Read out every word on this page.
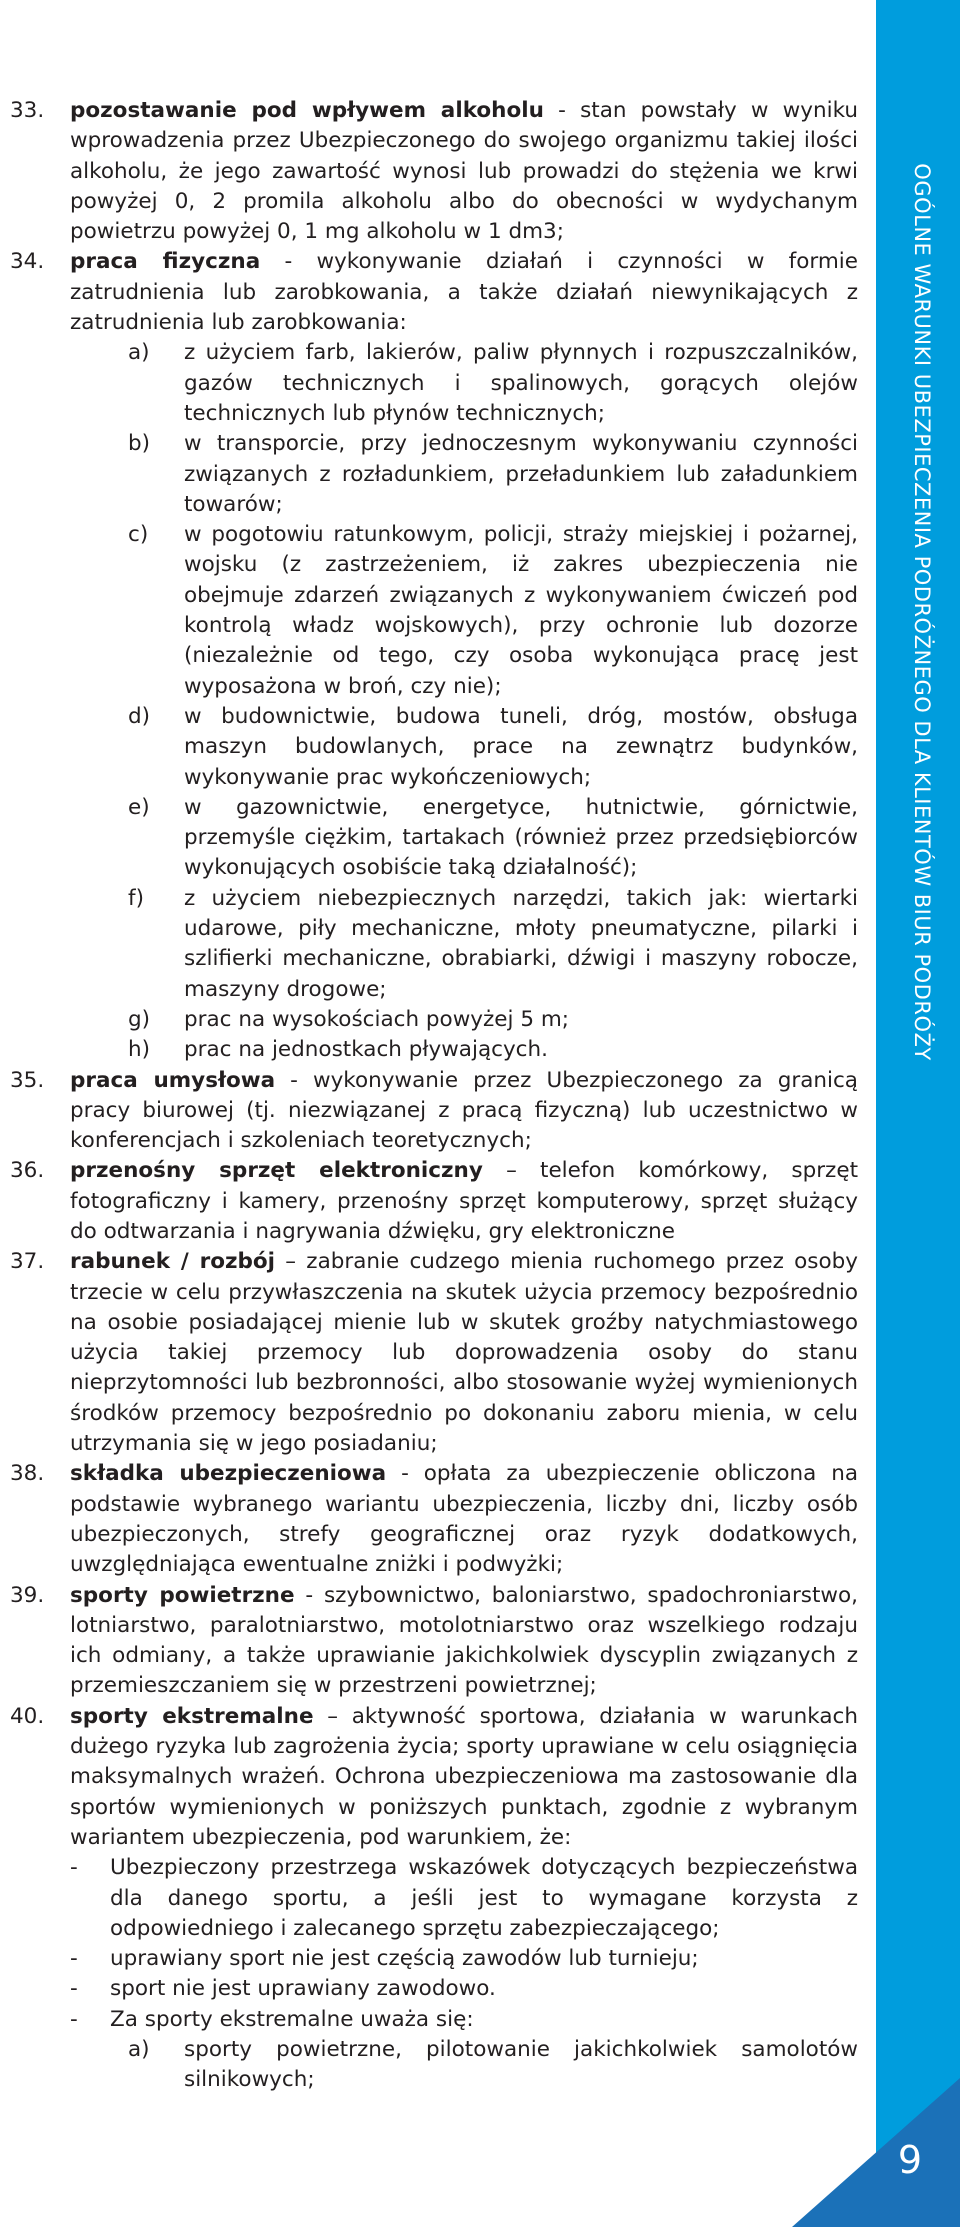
OGÓLNE WARUNKI UBEZPIECZENIA PODRÓŻNEGO DLA KLIENTÓW BIUR PODRÓŻY
9
33. pozostawanie pod wpływem alkoholu - stan powstały w wyniku wprowadzenia przez Ubezpieczonego do swojego organizmu takiej ilości alkoholu, że jego zawartość wynosi lub prowadzi do stężenia we krwi powyżej 0, 2 promila alkoholu albo do obecności w wydychanym powietrzu powyżej 0, 1 mg alkoholu w 1 dm3;
34. praca fizyczna - wykonywanie działań i czynności w formie zatrudnienia lub zarobkowania, a także działań niewynikających z zatrudnienia lub zarobkowania:
a) z użyciem farb, lakierów, paliw płynnych i rozpuszczalników, gazów technicznych i spalinowych, gorących olejów technicznych lub płynów technicznych;
b) w transporcie, przy jednoczesnym wykonywaniu czynności związanych z rozładunkiem, przeładunkiem lub załadunkiem towarów;
c) w pogotowiu ratunkowym, policji, straży miejskiej i pożarnej, wojsku (z zastrzeżeniem, iż zakres ubezpieczenia nie obejmuje zdarzeń związanych z wykonywaniem ćwiczeń pod kontrolą władz wojskowych), przy ochronie lub dozorze (niezależnie od tego, czy osoba wykonująca pracę jest wyposażona w broń, czy nie);
d) w budownictwie, budowa tuneli, dróg, mostów, obsługa maszyn budowlanych, prace na zewnątrz budynków, wykonywanie prac wykończeniowych;
e) w gazownictwie, energetyce, hutnictwie, górnictwie, przemyśle ciężkim, tartakach (również przez przedsiębiorców wykonujących osobiście taką działalność);
f) z użyciem niebezpiecznych narzędzi, takich jak: wiertarki udarowe, piły mechaniczne, młoty pneumatyczne, pilarki i szlifierki mechaniczne, obrabiarki, dźwigi i maszyny robocze, maszyny drogowe;
g) prac na wysokościach powyżej 5 m;
h) prac na jednostkach pływających.
35. praca umysłowa - wykonywanie przez Ubezpieczonego za granicą pracy biurowej (tj. niezwiązanej z pracą fizyczną) lub uczestnictwo w konferencjach i szkoleniach teoretycznych;
36. przenośny sprzęt elektroniczny – telefon komórkowy, sprzęt fotograficzny i kamery, przenośny sprzęt komputerowy, sprzęt służący do odtwarzania i nagrywania dźwięku, gry elektroniczne
37. rabunek / rozbój – zabranie cudzego mienia ruchomego przez osoby trzecie w celu przywłaszczenia na skutek użycia przemocy bezpośrednio na osobie posiadającej mienie lub w skutek groźby natychmiastowego użycia takiej przemocy lub doprowadzenia osoby do stanu nieprzytomności lub bezbronności, albo stosowanie wyżej wymienionych środków przemocy bezpośrednio po dokonaniu zaboru mienia, w celu utrzymania się w jego posiadaniu;
38. składka ubezpieczeniowa - opłata za ubezpieczenie obliczona na podstawie wybranego wariantu ubezpieczenia, liczby dni, liczby osób ubezpieczonych, strefy geograficznej oraz ryzyk dodatkowych, uwzględniająca ewentualne zniżki i podwyżki;
39. sporty powietrzne - szybownictwo, baloniarstwo, spadochroniarstwo, lotniarstwo, paralotniarstwo, motolotniarstwo oraz wszelkiego rodzaju ich odmiany, a także uprawianie jakichkolwiek dyscyplin związanych z przemieszczaniem się w przestrzeni powietrznej;
40. sporty ekstremalne – aktywność sportowa, działania w warunkach dużego ryzyka lub zagrożenia życia; sporty uprawiane w celu osiągnięcia maksymalnych wrażeń. Ochrona ubezpieczeniowa ma zastosowanie dla sportów wymienionych w poniższych punktach, zgodnie z wybranym wariantem ubezpieczenia, pod warunkiem, że:
- Ubezpieczony przestrzega wskazówek dotyczących bezpieczeństwa dla danego sportu, a jeśli jest to wymagane korzysta z odpowiedniego i zalecanego sprzętu zabezpieczającego;
- uprawiany sport nie jest częścią zawodów lub turnieju;
- sport nie jest uprawiany zawodowo.
- Za sporty ekstremalne uważa się:
a) sporty powietrzne, pilotowanie jakichkolwiek samolotów silnikowych;
